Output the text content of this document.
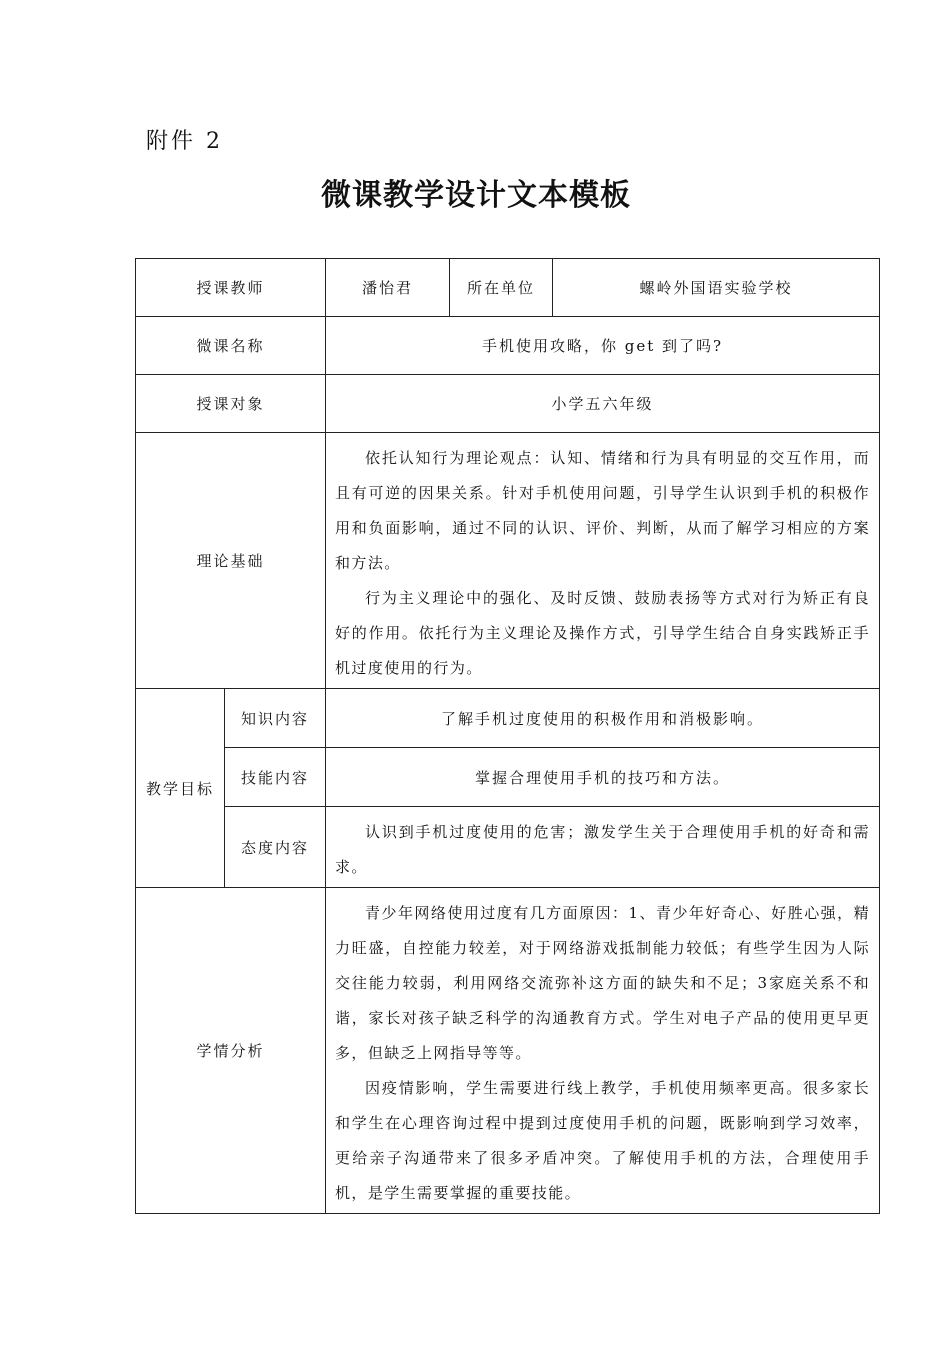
附件 2
微课教学设计文本模板
授课教师		潘怡君	所在单位	螺岭外国语实验学校
微课名称		手机使用攻略，你 get 到了吗?		
授课对象		小学五六年级		
理论基础		依托认知行为理论观点：认知、情绪和行为具有明显的交互作用，而且有可逆的因果关系。针对手机使用问题，引导学生认识到手机的积极作用和负面影响，通过不同的认识、评价、判断，从而了解学习相应的方案和方法。

行为主义理论中的强化、及时反馈、鼓励表扬等方式对行为矫正有良好的作用。依托行为主义理论及操作方式，引导学生结合自身实践矫正手机过度使用的行为。		

教学目标	知识内容	了解手机过度使用的积极作用和消极影响。		
	技能内容	掌握合理使用手机的技巧和方法。		
	态度内容	认识到手机过度使用的危害；激发学生关于合理使用手机的好奇和需求。		

学情分析		青少年网络使用过度有几方面原因：1、青少年好奇心、好胜心强，精力旺盛，自控能力较差，对于网络游戏抵制能力较低；有些学生因为人际交往能力较弱，利用网络交流弥补这方面的缺失和不足；3家庭关系不和谐，家长对孩子缺乏科学的沟通教育方式。学生对电子产品的使用更早更多，但缺乏上网指导等等。

因疫情影响，学生需要进行线上教学，手机使用频率更高。很多家长和学生在心理咨询过程中提到过度使用手机的问题，既影响到学习效率，更给亲子沟通带来了很多矛盾冲突。了解使用手机的方法，合理使用手机，是学生需要掌握的重要技能。		
